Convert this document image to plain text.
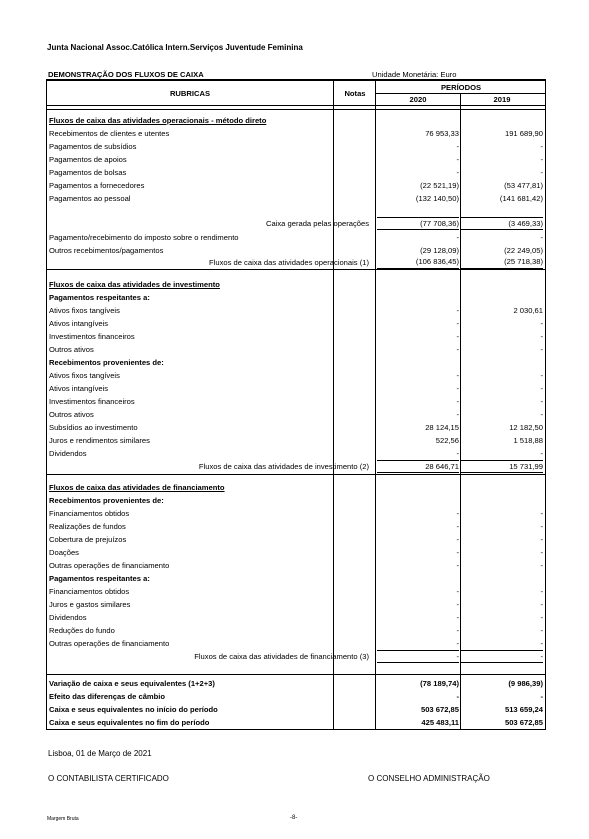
Junta Nacional Assoc.Católica Intern.Serviços Juventude Feminina
DEMONSTRAÇÃO DOS FLUXOS DE CAIXA	Unidade Monetária: Euro
RUBRICAS	Notas
PERÍODOS
2020	2019
Fluxos de caixa das atividades operacionais - método direto
Recebimentos de clientes e utentes	76 953,33	191 689,90
Pagamentos de subsídios	-	-
Pagamentos de apoios	-	-
Pagamentos de bolsas	-	-
Pagamentos a fornecedores	(22 521,19)	(53 477,81)
Pagamentos ao pessoal	(132 140,50)	(141 681,42)
Caixa gerada pelas operações	(77 708,36)	(3 469,33)
Pagamento/recebimento do imposto sobre o rendimento	-	-
Outros recebimentos/pagamentos	(29 128,09)	(22 249,05)
Fluxos de caixa das atividades operacionais (1)	(106 836,45)	(25 718,38)
Fluxos de caixa das atividades de investimento
Pagamentos respeitantes a:
Ativos fixos tangíveis	-	2 030,61
Ativos intangíveis	-	-
Investimentos financeiros	-	-
Outros ativos	-	-
Recebimentos provenientes de:
Ativos fixos tangíveis	-	-
Ativos intangíveis	-	-
Investimentos financeiros	-	-
Outros ativos	-	-
Subsídios ao investimento	28 124,15	12 182,50
Juros e rendimentos similares	522,56	1 518,88
Dividendos	-	-
Fluxos de caixa das atividades de investimento (2)	28 646,71	15 731,99
Fluxos de caixa das atividades de financiamento
Recebimentos provenientes de:
Financiamentos obtidos	-	-
Realizações de fundos	-	-
Cobertura de prejuízos	-	-
Doações	-	-
Outras operações de financiamento	-	-
Pagamentos respeitantes a:
Financiamentos obtidos	-	-
Juros e gastos similares	-	-
Dividendos	-	-
Reduções do fundo	-	-
Outras operações de financiamento	-	-
Fluxos de caixa das atividades de financiamento (3)	-	-
Variação de caixa e seus equivalentes (1+2+3)	(78 189,74)	(9 986,39)
Efeito das diferenças de câmbio	-	-
Caixa e seus equivalentes no início do período	503 672,85	513 659,24
Caixa e seus equivalentes no fim do período	425 483,11	503 672,85
Lisboa, 01 de Março de 2021
O CONTABILISTA CERTIFICADO	O CONSELHO ADMINISTRAÇÃO
Margem Bruta	-8-
